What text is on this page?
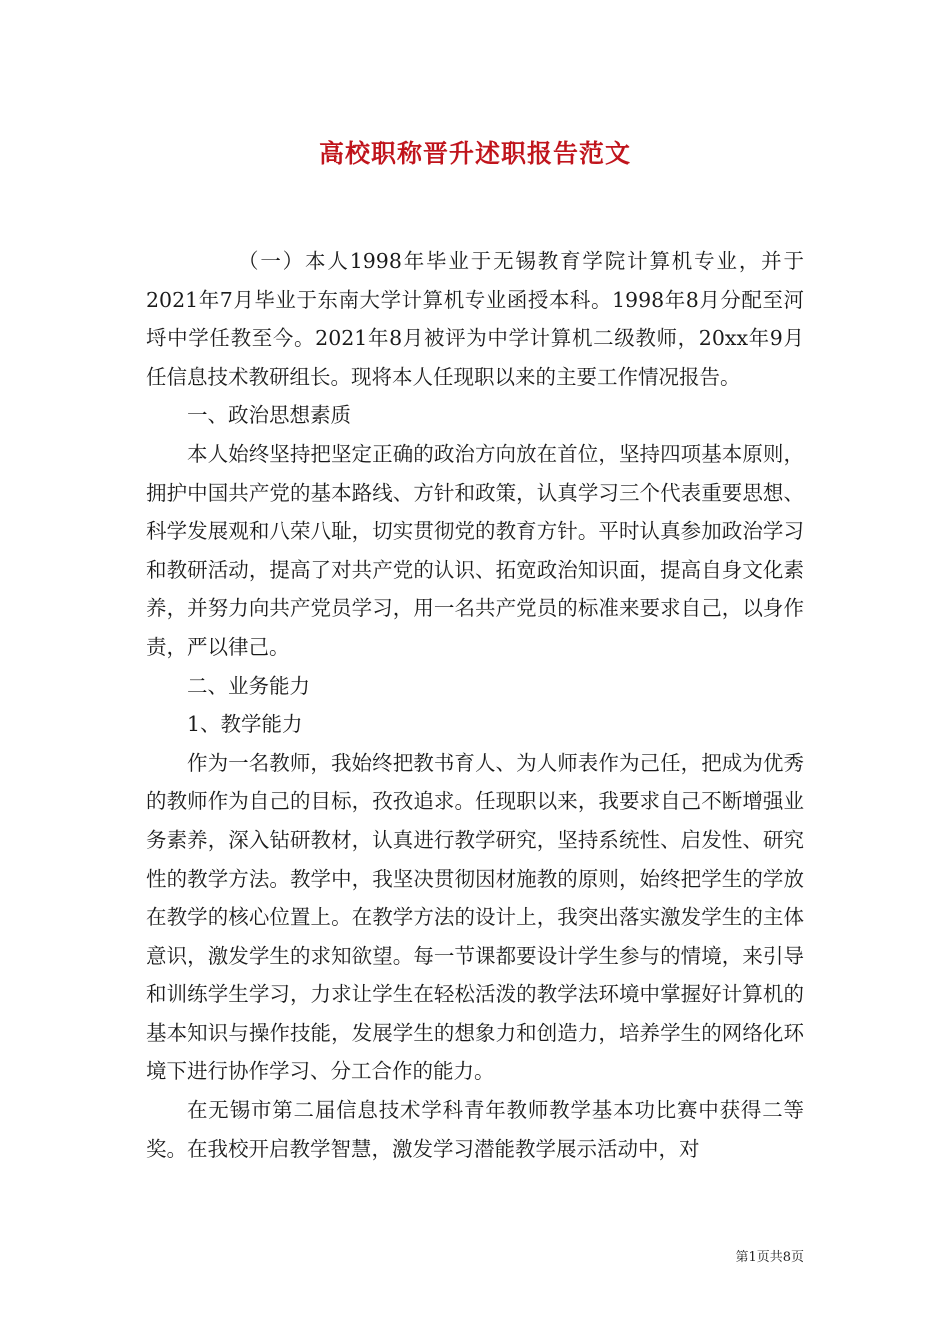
高校职称晋升述职报告范文

（一）本人1998年毕业于无锡教育学院计算机专业，并于2021年7月毕业于东南大学计算机专业函授本科。1998年8月分配至河埒中学任教至今。2021年8月被评为中学计算机二级教师，20xx年9月任信息技术教研组长。现将本人任现职以来的主要工作情况报告。

一、政治思想素质

本人始终坚持把坚定正确的政治方向放在首位，坚持四项基本原则，拥护中国共产党的基本路线、方针和政策，认真学习三个代表重要思想、科学发展观和八荣八耻，切实贯彻党的教育方针。平时认真参加政治学习和教研活动，提高了对共产党的认识、拓宽政治知识面，提高自身文化素养，并努力向共产党员学习，用一名共产党员的标准来要求自己，以身作责，严以律己。

二、业务能力

1、教学能力

作为一名教师，我始终把教书育人、为人师表作为己任，把成为优秀的教师作为自己的目标，孜孜追求。任现职以来，我要求自己不断增强业务素养，深入钻研教材，认真进行教学研究，坚持系统性、启发性、研究性的教学方法。教学中，我坚决贯彻因材施教的原则，始终把学生的学放在教学的核心位置上。在教学方法的设计上，我突出落实激发学生的主体意识，激发学生的求知欲望。每一节课都要设计学生参与的情境，来引导和训练学生学习，力求让学生在轻松活泼的教学法环境中掌握好计算机的基本知识与操作技能，发展学生的想象力和创造力，培养学生的网络化环境下进行协作学习、分工合作的能力。

在无锡市第二届信息技术学科青年教师教学基本功比赛中获得二等奖。在我校开启教学智慧，激发学习潜能教学展示活动中，对

第1页共8页
